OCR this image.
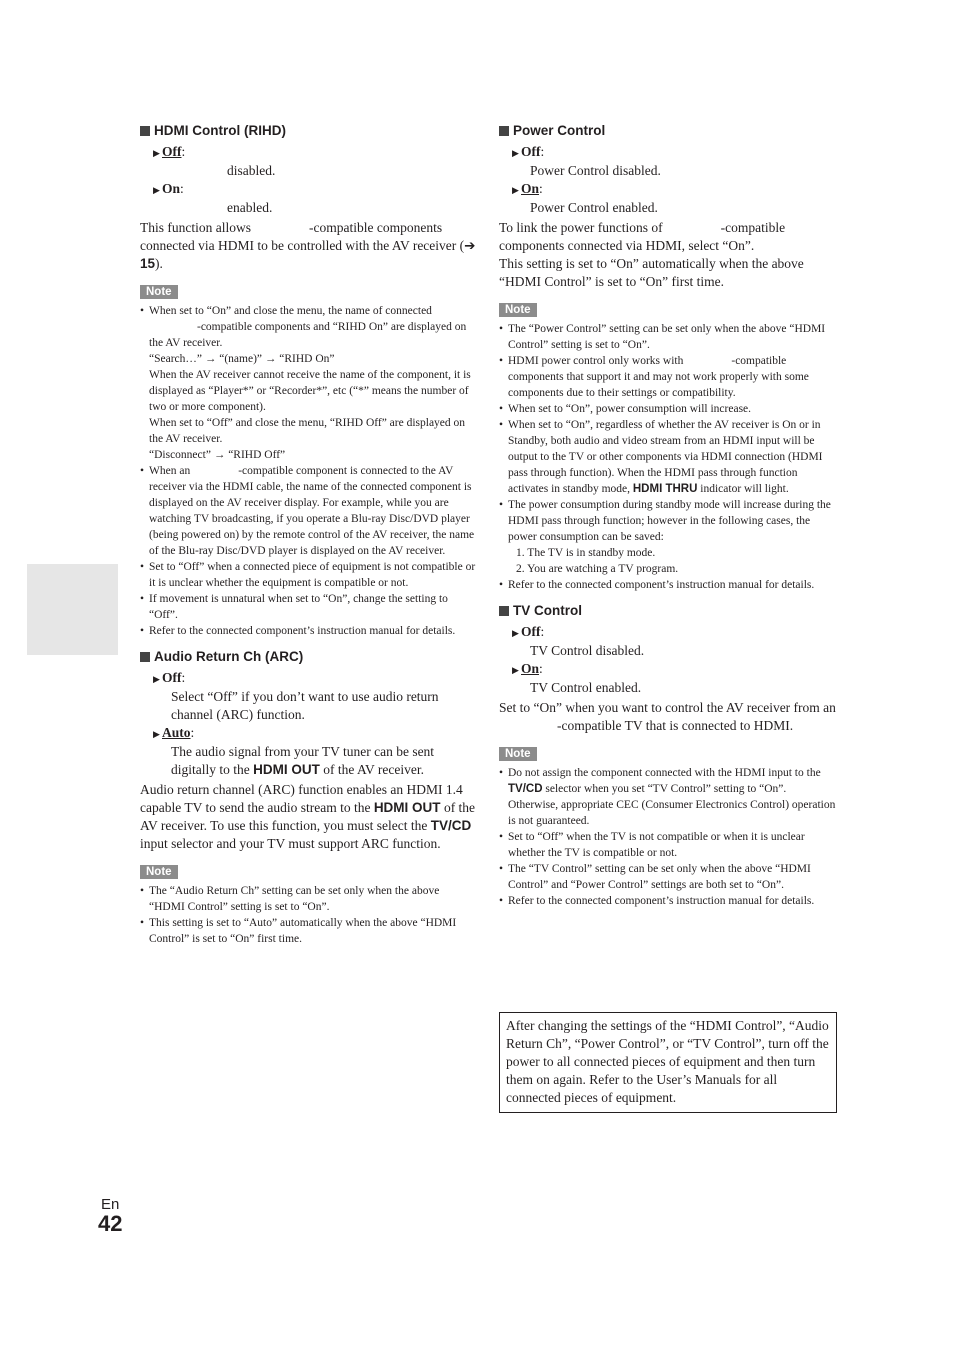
HDMI Control (RIHD)
▶ Off:
disabled.
▶ On:
enabled.

This function allows	-compatible components connected via HDMI to be controlled with the AV receiver (➔ 15).

Note
• When set to “On” and close the menu, the name of connected
-compatible components and “RIHD On” are displayed on the AV receiver.
“Search…” → “(name)” → “RIHD On”
When the AV receiver cannot receive the name of the component, it is displayed as “Player*” or “Recorder*”, etc (“*” means the number of two or more component).
When set to “Off” and close the menu, “RIHD Off” are displayed on the AV receiver.
“Disconnect” → “RIHD Off”
• When an	-compatible component is connected to the AV receiver via the HDMI cable, the name of the connected component is displayed on the AV receiver display. For example, while you are watching TV broadcasting, if you operate a Blu-ray Disc/DVD player (being powered on) by the remote control of the AV receiver, the name of the Blu-ray Disc/DVD player is displayed on the AV receiver.
• Set to “Off” when a connected piece of equipment is not compatible or it is unclear whether the equipment is compatible or not.
• If movement is unnatural when set to “On”, change the setting to “Off”.
• Refer to the connected component’s instruction manual for details.
Audio Return Ch (ARC)
▶ Off:
Select “Off” if you don’t want to use audio return channel (ARC) function.
▶ Auto:
The audio signal from your TV tuner can be sent digitally to the HDMI OUT of the AV receiver.

Audio return channel (ARC) function enables an HDMI 1.4 capable TV to send the audio stream to the HDMI OUT of the AV receiver. To use this function, you must select the TV/CD input selector and your TV must support ARC function.

Note
• The “Audio Return Ch” setting can be set only when the above “HDMI Control” setting is set to “On”.
• This setting is set to “Auto” automatically when the above “HDMI Control” is set to “On” first time.
Power Control
▶ Off:
Power Control disabled.
▶ On:
Power Control enabled.

To link the power functions of	-compatible components connected via HDMI, select “On”.
This setting is set to “On” automatically when the above “HDMI Control” is set to “On” first time.

Note
• The “Power Control” setting can be set only when the above “HDMI Control” setting is set to “On”.
• HDMI power control only works with	-compatible components that support it and may not work properly with some components due to their settings or compatibility.
• When set to “On”, power consumption will increase.
• When set to “On”, regardless of whether the AV receiver is On or in Standby, both audio and video stream from an HDMI input will be output to the TV or other components via HDMI connection (HDMI pass through function). When the HDMI pass through function activates in standby mode, HDMI THRU indicator will light.
• The power consumption during standby mode will increase during the HDMI pass through function; however in the following cases, the power consumption can be saved:
1. The TV is in standby mode.
2. You are watching a TV program.
• Refer to the connected component’s instruction manual for details.
TV Control
▶ Off:
TV Control disabled.
▶ On:
TV Control enabled.

Set to “On” when you want to control the AV receiver from an-compatible TV that is connected to HDMI.

Note
• Do not assign the component connected with the HDMI input to the TV/CD selector when you set “TV Control” setting to “On”. Otherwise, appropriate CEC (Consumer Electronics Control) operation is not guaranteed.
• Set to “Off” when the TV is not compatible or when it is unclear whether the TV is compatible or not.
• The “TV Control” setting can be set only when the above “HDMI Control” and “Power Control” settings are both set to “On”.
• Refer to the connected component’s instruction manual for details.
After changing the settings of the “HDMI Control”, “Audio Return Ch”, “Power Control”, or “TV Control”, turn off the power to all connected pieces of equipment and then turn them on again. Refer to the User’s Manuals for all connected pieces of equipment.
En
42
